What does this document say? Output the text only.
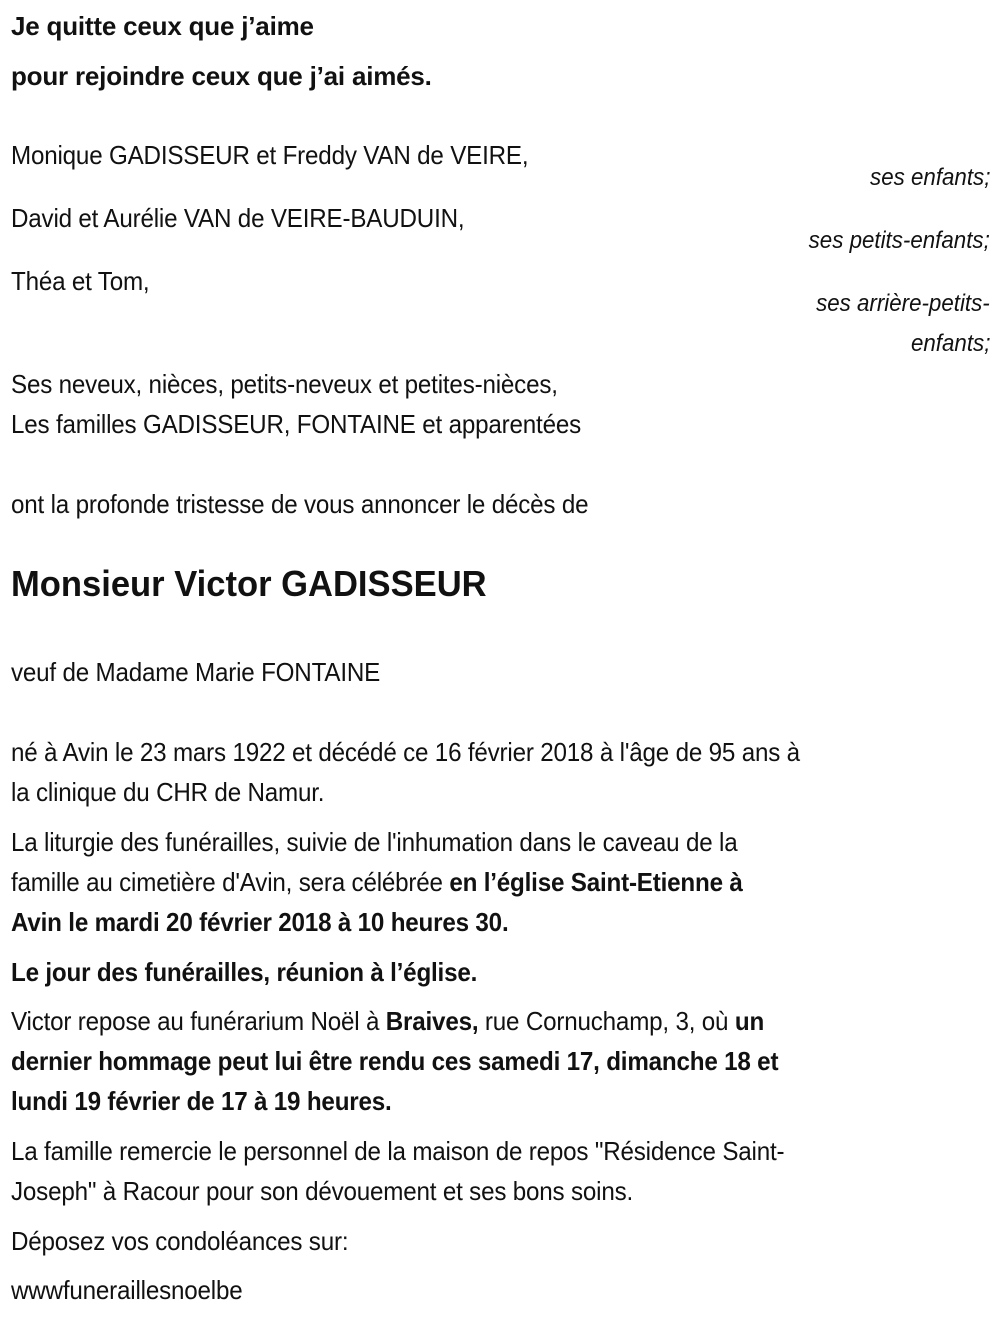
Je quitte ceux que j’aime
pour rejoindre ceux que j’ai aimés.
Monique GADISSEUR et Freddy VAN de VEIRE,
ses enfants;
David et Aurélie VAN de VEIRE-BAUDUIN,
ses petits-enfants;
Théa et Tom,
ses arrière-petits-
enfants;
Ses neveux, nièces, petits-neveux et petites-nièces,
Les familles GADISSEUR, FONTAINE et apparentées
ont la profonde tristesse de vous annoncer le décès de
Monsieur Victor GADISSEUR
veuf de Madame Marie FONTAINE
né à Avin le 23 mars 1922 et décédé ce 16 février 2018 à l'âge de 95 ans à
la clinique du CHR de Namur.
La liturgie des funérailles, suivie de l'inhumation dans le caveau de la
famille au cimetière d'Avin, sera célébrée en l’église Saint-Etienne à
Avin le mardi 20 février 2018 à 10 heures 30.
Le jour des funérailles, réunion à l’église.
Victor repose au funérarium Noël à Braives, rue Cornuchamp, 3, où un
dernier hommage peut lui être rendu ces samedi 17, dimanche 18 et
lundi 19 février de 17 à 19 heures.
La famille remercie le personnel de la maison de repos "Résidence Saint-
Joseph" à Racour pour son dévouement et ses bons soins.
Déposez vos condoléances sur:
wwwfuneraillesnoelbe
